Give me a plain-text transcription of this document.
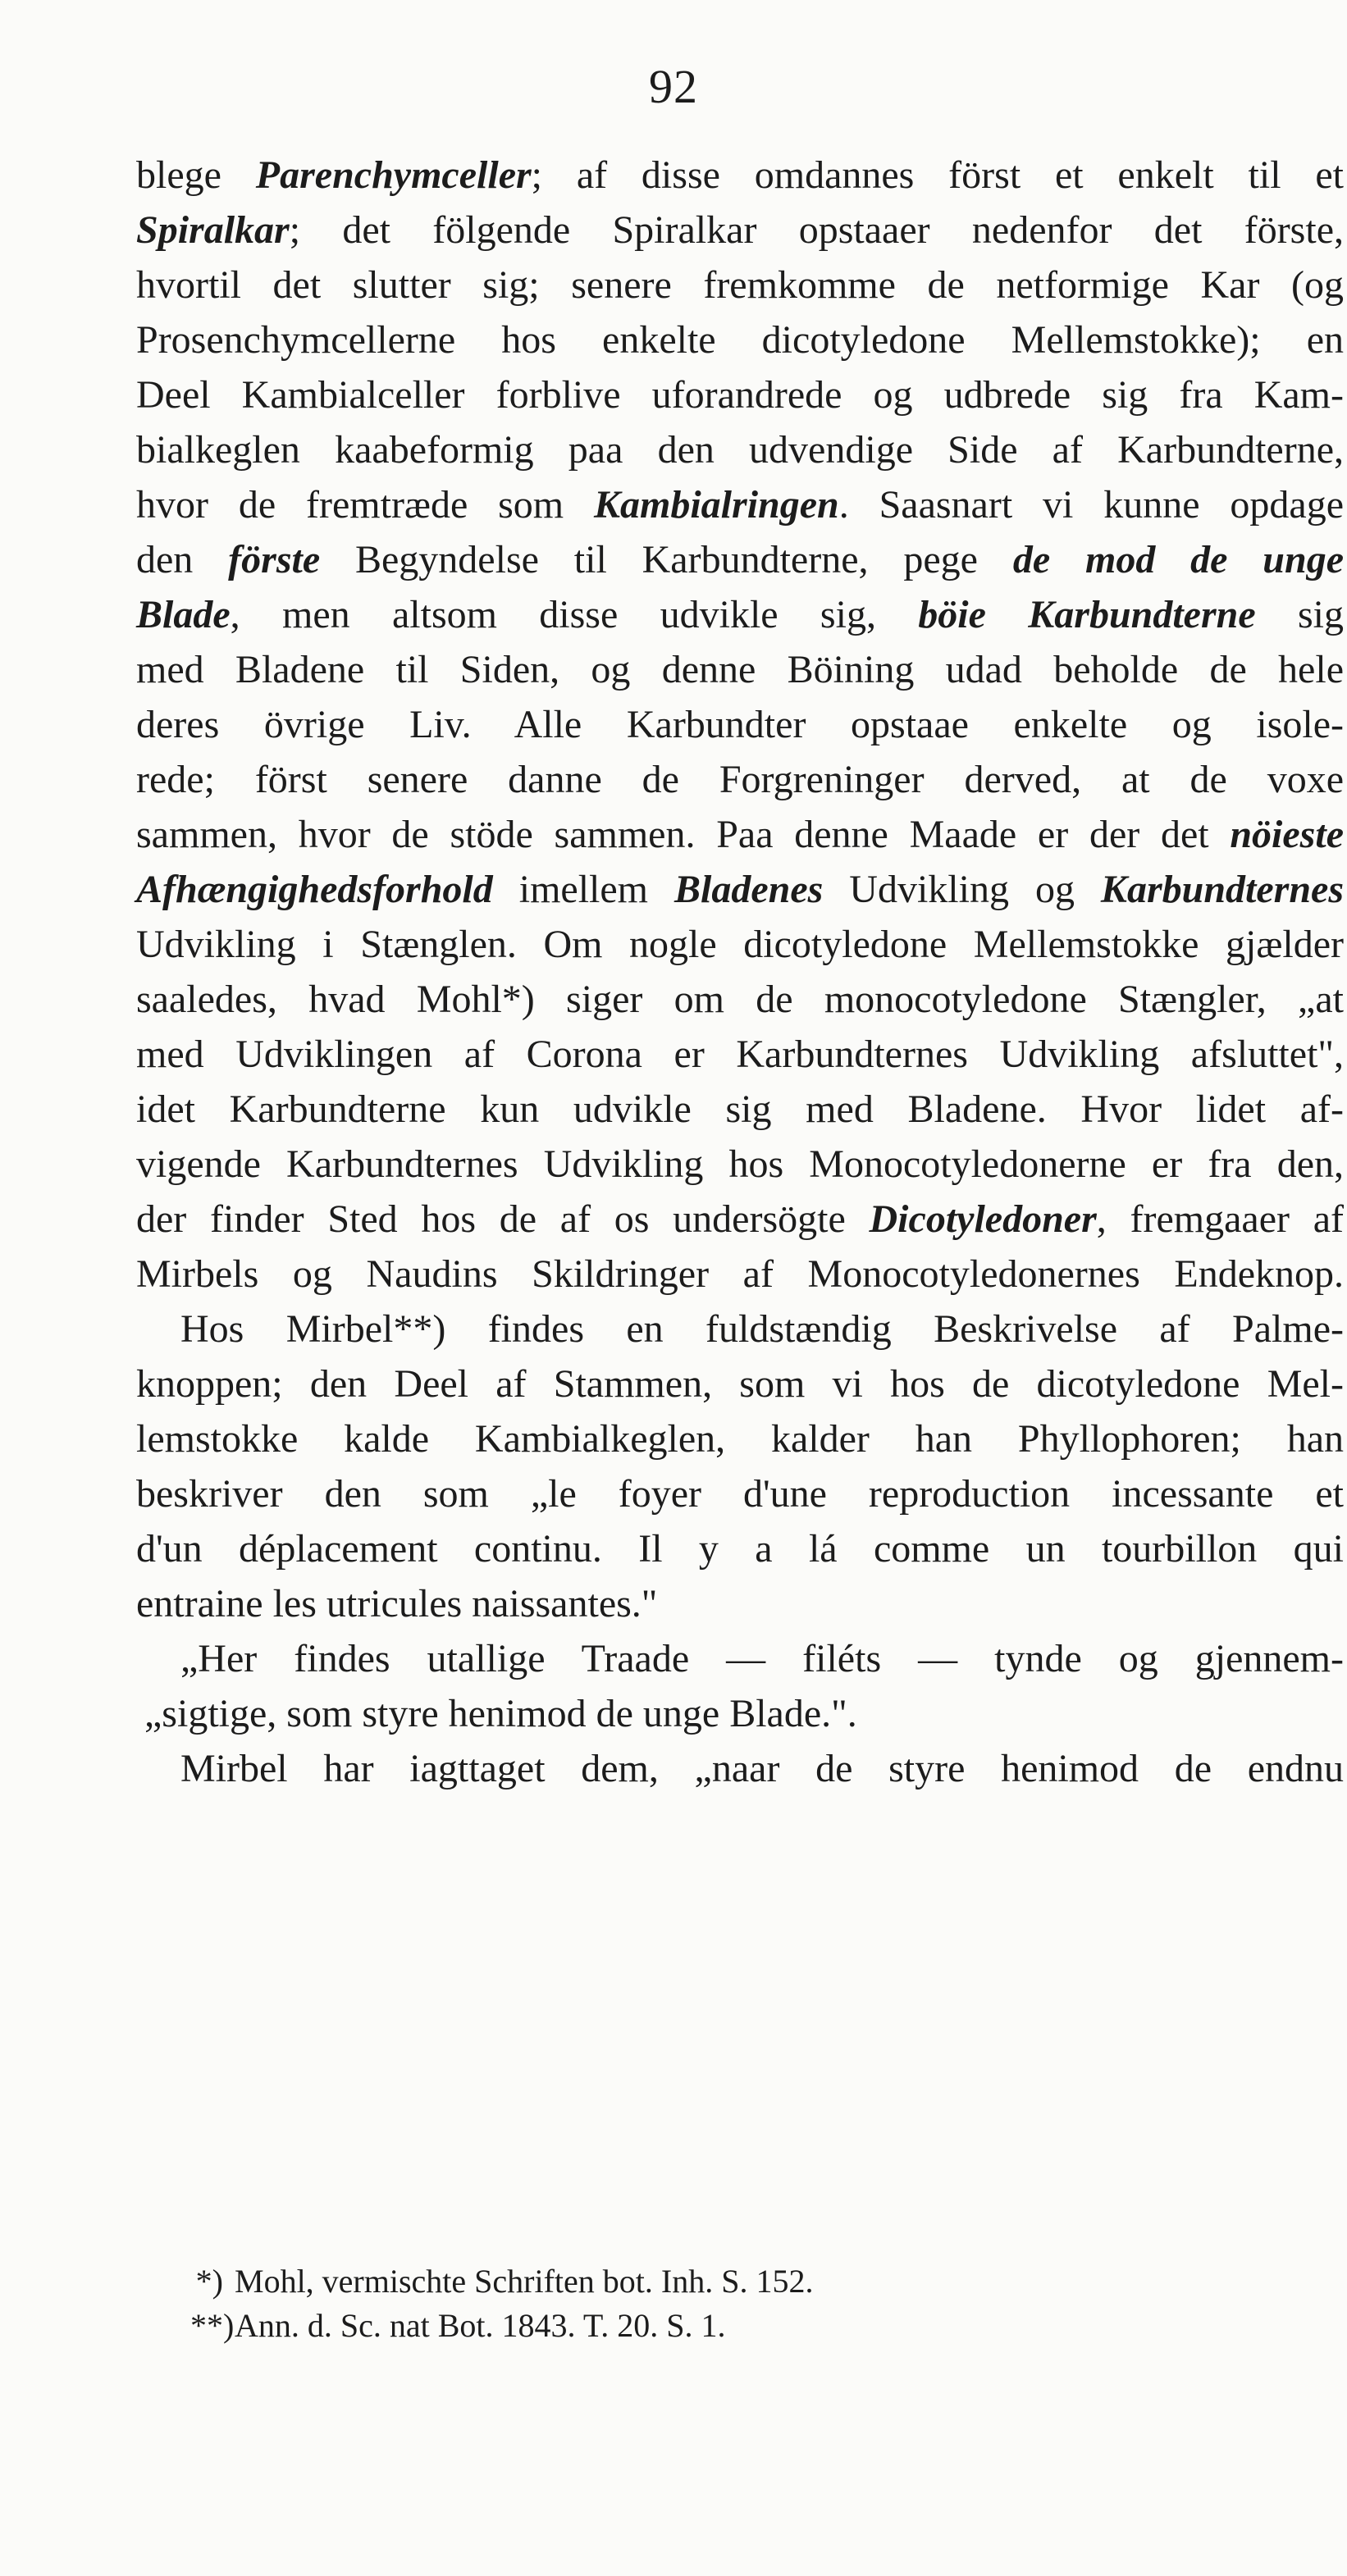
92
blege Parenchymceller; af disse omdannes först et enkelt til et
Spiralkar; det fölgende Spiralkar opstaaer nedenfor det förste,
hvortil det slutter sig; senere fremkomme de netformige Kar (og
Prosenchymcellerne hos enkelte dicotyledone Mellemstokke); en
Deel Kambialceller forblive uforandrede og udbrede sig fra Kam-
bialkeglen kaabeformig paa den udvendige Side af Karbundterne,
hvor de fremtræde som Kambialringen. Saasnart vi kunne opdage
den förste Begyndelse til Karbundterne, pege de mod de unge
Blade, men altsom disse udvikle sig, böie Karbundterne sig
med Bladene til Siden, og denne Böining udad beholde de hele
deres övrige Liv. Alle Karbundter opstaae enkelte og isole-
rede; först senere danne de Forgreninger derved, at de voxe
sammen, hvor de stöde sammen. Paa denne Maade er der det nöieste
Afhængighedsforhold imellem Bladenes Udvikling og Karbundternes
Udvikling i Stænglen. Om nogle dicotyledone Mellemstokke gjælder
saaledes, hvad Mohl*) siger om de monocotyledone Stængler, „at
med Udviklingen af Corona er Karbundternes Udvikling afsluttet",
idet Karbundterne kun udvikle sig med Bladene. Hvor lidet af-
vigende Karbundternes Udvikling hos Monocotyledonerne er fra den,
der finder Sted hos de af os undersögte Dicotyledoner, fremgaaer af
Mirbels og Naudins Skildringer af Monocotyledonernes Endeknop.
Hos Mirbel**) findes en fuldstændig Beskrivelse af Palme-
knoppen; den Deel af Stammen, som vi hos de dicotyledone Mel-
lemstokke kalde Kambialkeglen, kalder han Phyllophoren; han
beskriver den som „le foyer d'une reproduction incessante et
d'un déplacement continu. Il y a lá comme un tourbillon qui
entraine les utricules naissantes."
„Her findes utallige Traade — filéts — tynde og gjennem-
„sigtige, som styre henimod de unge Blade.".
Mirbel har iagttaget dem, „naar de styre henimod de endnu
*) Mohl, vermischte Schriften bot. Inh. S. 152.
**) Ann. d. Sc. nat Bot. 1843. T. 20. S. 1.
